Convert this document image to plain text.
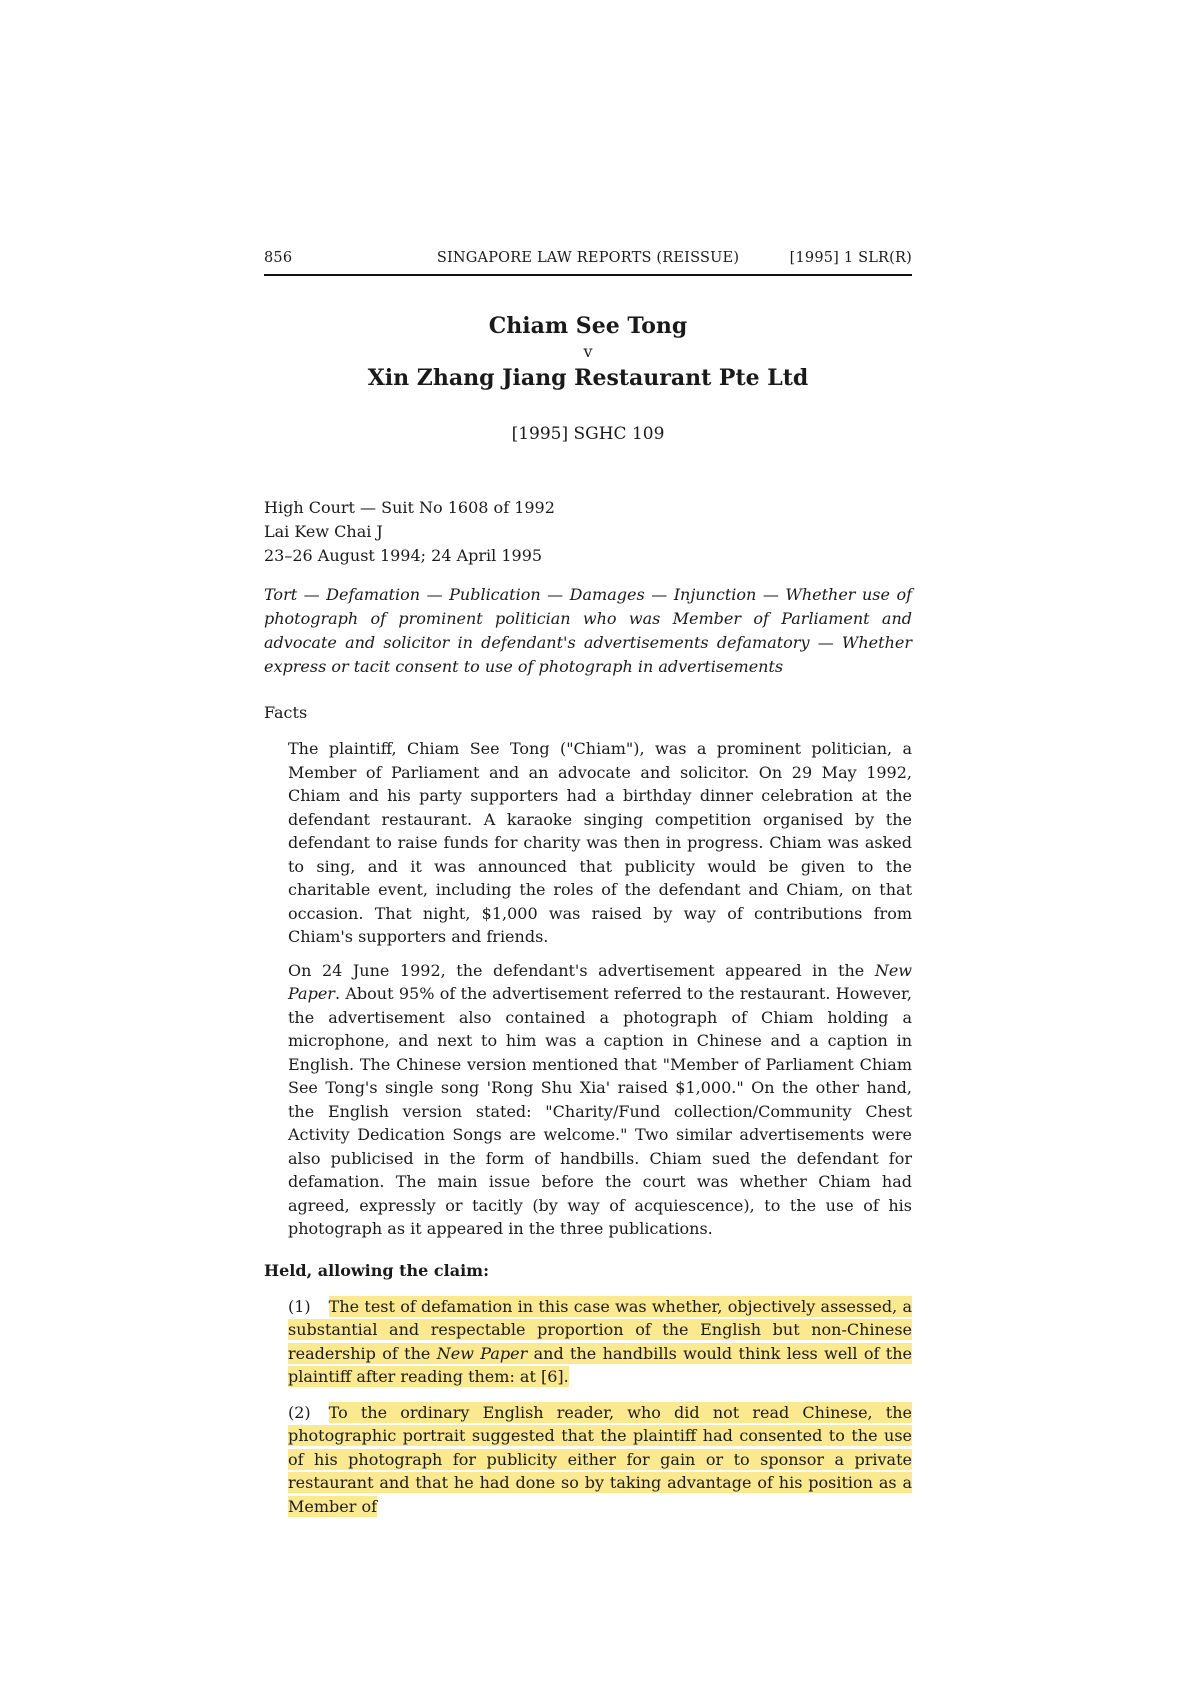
856	SINGAPORE LAW REPORTS (REISSUE)	[1995] 1 SLR(R)
Chiam See Tong
v
Xin Zhang Jiang Restaurant Pte Ltd
[1995] SGHC 109
High Court — Suit No 1608 of 1992
Lai Kew Chai J
23–26 August 1994; 24 April 1995
Tort — Defamation — Publication — Damages — Injunction — Whether use of photograph of prominent politician who was Member of Parliament and advocate and solicitor in defendant's advertisements defamatory — Whether express or tacit consent to use of photograph in advertisements
Facts
The plaintiff, Chiam See Tong ("Chiam"), was a prominent politician, a Member of Parliament and an advocate and solicitor. On 29 May 1992, Chiam and his party supporters had a birthday dinner celebration at the defendant restaurant. A karaoke singing competition organised by the defendant to raise funds for charity was then in progress. Chiam was asked to sing, and it was announced that publicity would be given to the charitable event, including the roles of the defendant and Chiam, on that occasion. That night, $1,000 was raised by way of contributions from Chiam's supporters and friends.
On 24 June 1992, the defendant's advertisement appeared in the New Paper. About 95% of the advertisement referred to the restaurant. However, the advertisement also contained a photograph of Chiam holding a microphone, and next to him was a caption in Chinese and a caption in English. The Chinese version mentioned that "Member of Parliament Chiam See Tong's single song 'Rong Shu Xia' raised $1,000." On the other hand, the English version stated: "Charity/Fund collection/Community Chest Activity Dedication Songs are welcome." Two similar advertisements were also publicised in the form of handbills. Chiam sued the defendant for defamation. The main issue before the court was whether Chiam had agreed, expressly or tacitly (by way of acquiescence), to the use of his photograph as it appeared in the three publications.
Held, allowing the claim:
(1) The test of defamation in this case was whether, objectively assessed, a substantial and respectable proportion of the English but non-Chinese readership of the New Paper and the handbills would think less well of the plaintiff after reading them: at [6].
(2) To the ordinary English reader, who did not read Chinese, the photographic portrait suggested that the plaintiff had consented to the use of his photograph for publicity either for gain or to sponsor a private restaurant and that he had done so by taking advantage of his position as a Member of
